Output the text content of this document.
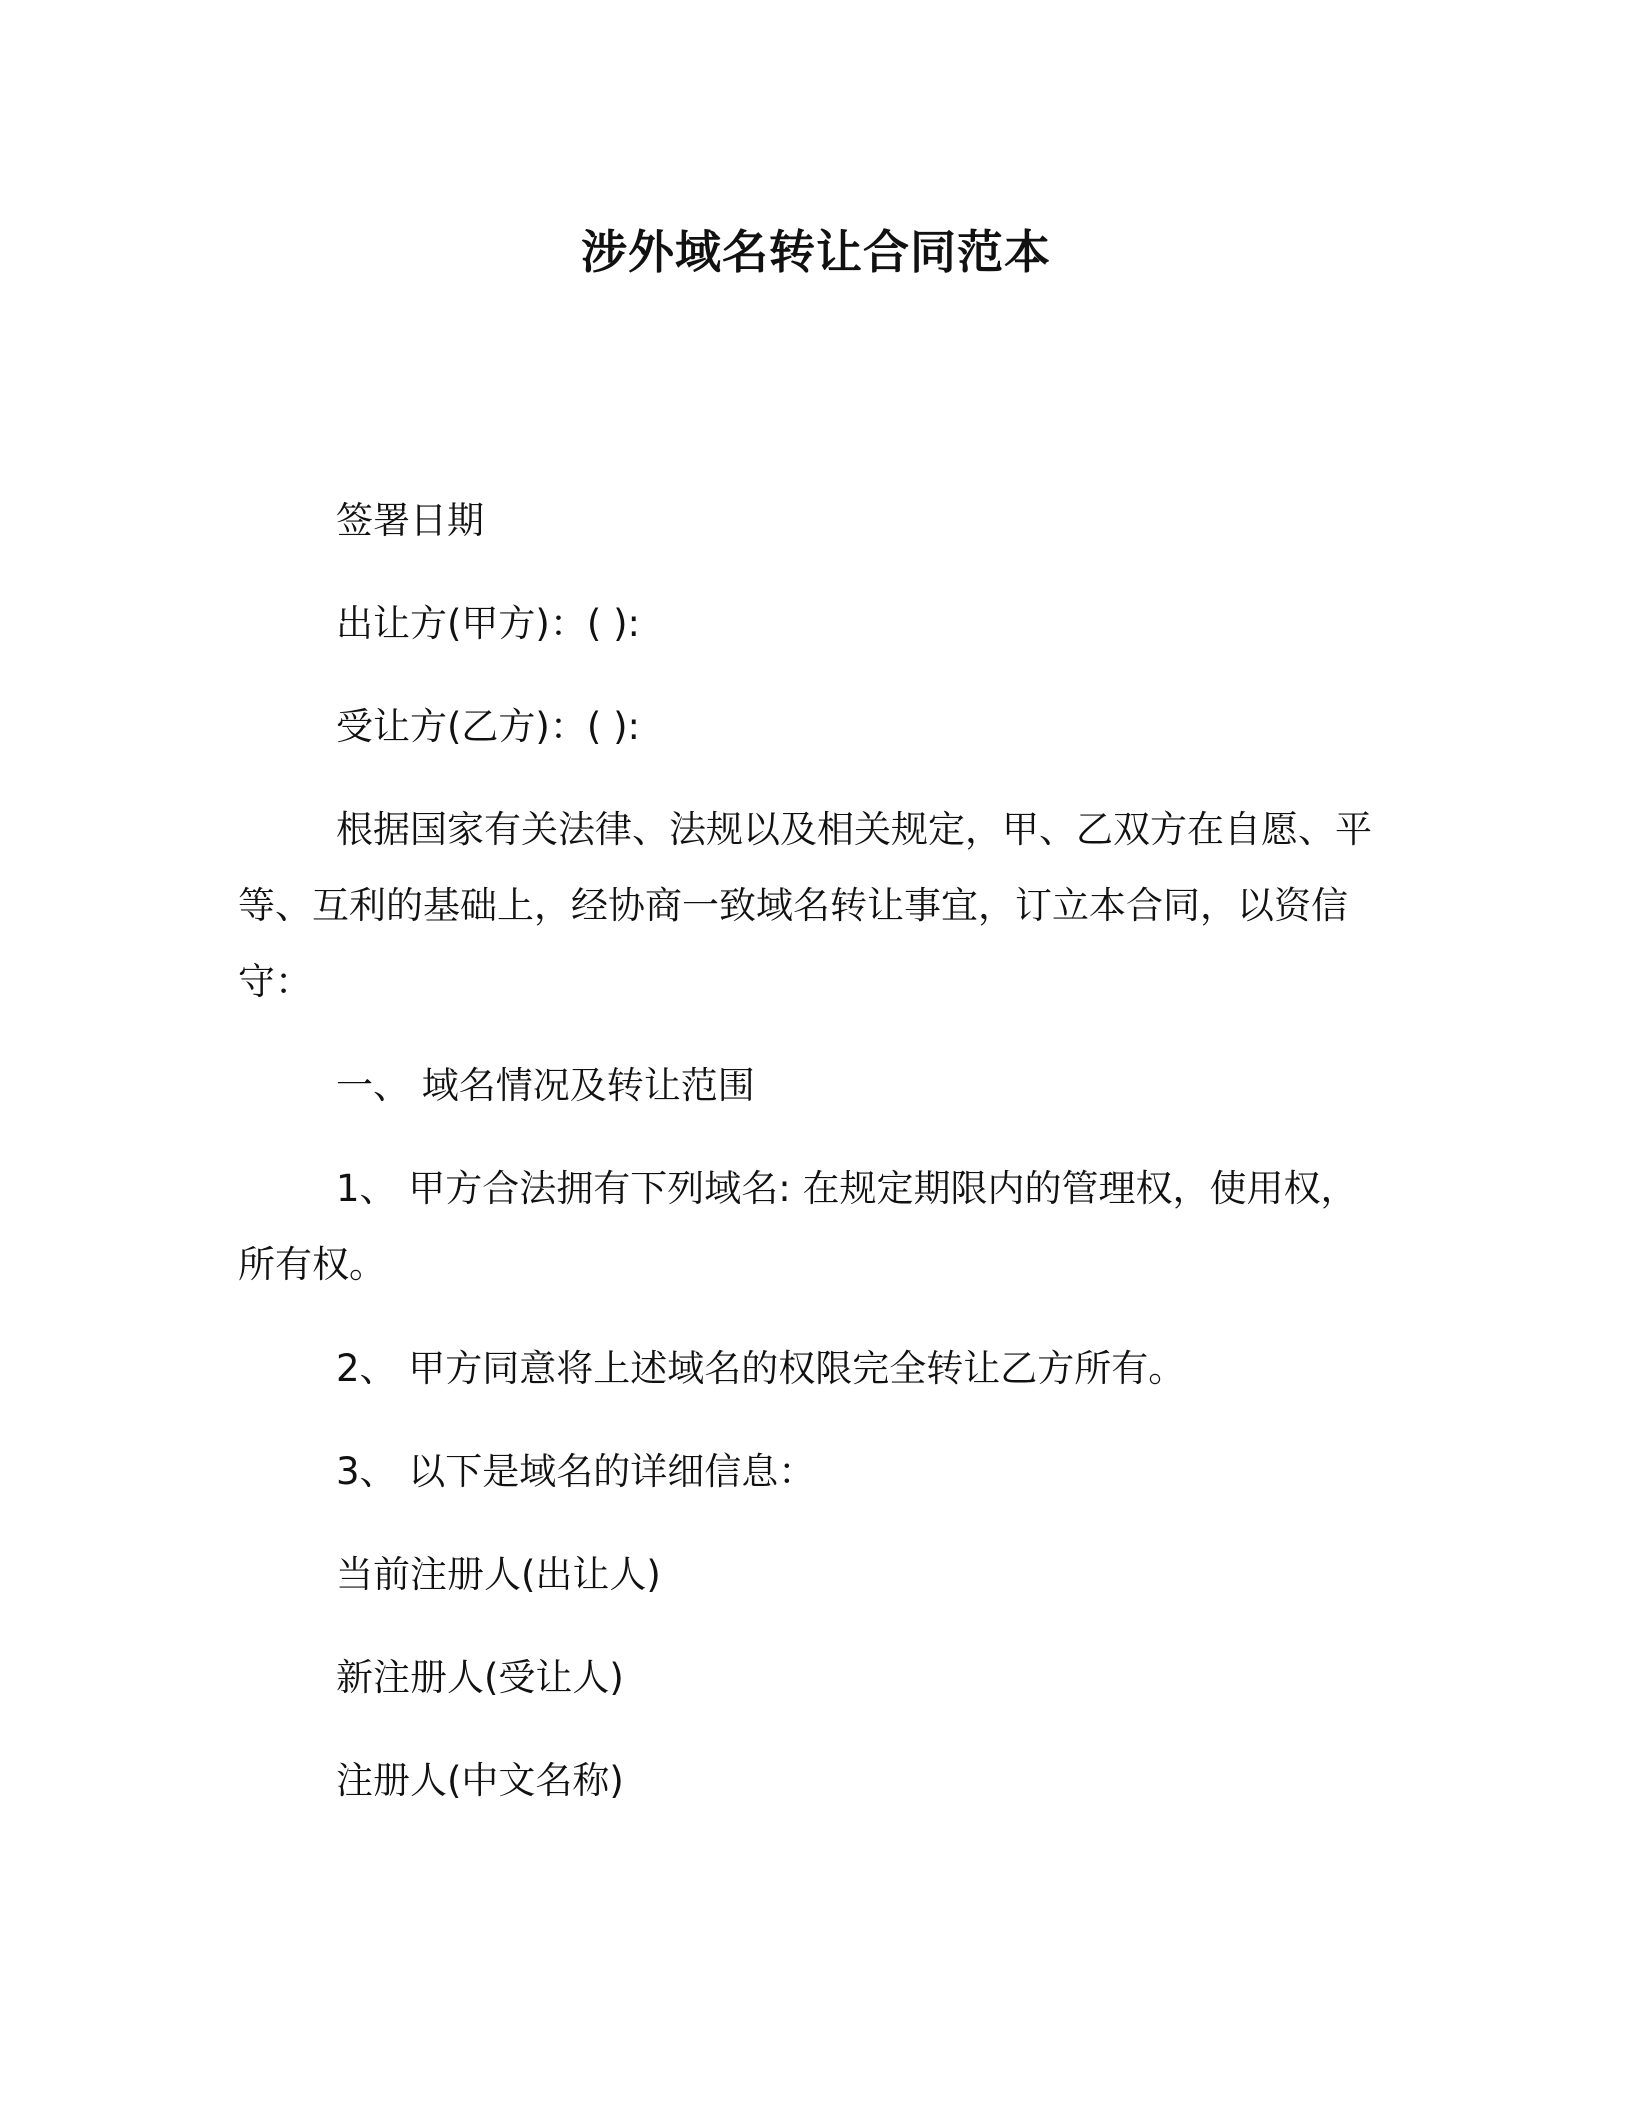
涉外域名转让合同范本
签署日期
出让方(甲方)：( ):
受让方(乙方)：( ):
根据国家有关法律、法规以及相关规定，甲、乙双方在自愿、平
等、互利的基础上，经协商一致域名转让事宜，订立本合同，以资信
守：
一、 域名情况及转让范围
1、 甲方合法拥有下列域名: 在规定期限内的管理权，使用权，
所有权。
2、 甲方同意将上述域名的权限完全转让乙方所有。
3、 以下是域名的详细信息：
当前注册人(出让人)
新注册人(受让人)
注册人(中文名称)
